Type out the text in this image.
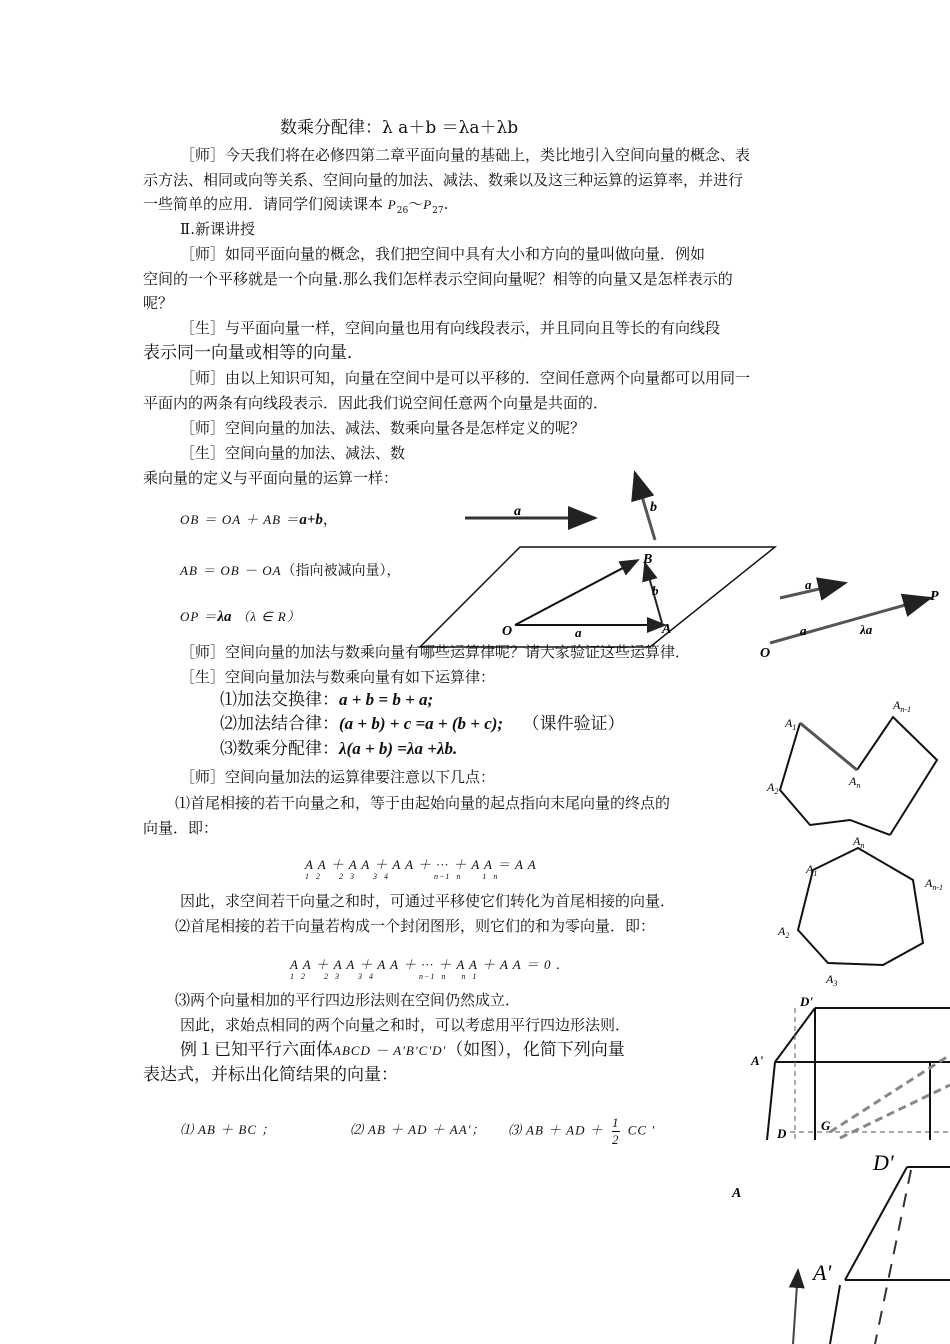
数乘分配律：λ a＋b ＝λa＋λb
［师］今天我们将在必修四第二章平面向量的基础上，类比地引入空间向量的概念、表
示方法、相同或向等关系、空间向量的加法、减法、数乘以及这三种运算的运算率，并进行
一些简单的应用．请同学们阅读课本 $P_{26}\sim P_{27}$.
Ⅱ.新课讲授
［师］如同平面向量的概念，我们把空间中具有大小和方向的量叫做向量．例如
空间的一个平移就是一个向量.那么我们怎样表示空间向量呢？相等的向量又是怎样表示的
呢？
［生］与平面向量一样，空间向量也用有向线段表示，并且同向且等长的有向线段
表示同一向量或相等的向量．
［师］由以上知识可知，向量在空间中是可以平移的．空间任意两个向量都可以用同一
平面内的两条有向线段表示．因此我们说空间任意两个向量是共面的．
［师］空间向量的加法、减法、数乘向量各是怎样定义的呢？
［生］空间向量的加法、减法、数
乘向量的定义与平面向量的运算一样：
OB ＝ OA ＋ AB ＝a+b，
AB ＝ OB － OA（指向被减向量），
OP ＝λa （λ ∈ R）
a	b
O	A
B
b
a
a
P
O
a	λa
［师］空间向量的加法与数乘向量有哪些运算律呢？请大家验证这些运算律．
［生］空间向量加法与数乘向量有如下运算律：
⑴加法交换律：a + b = b + a;
⑵加法结合律：(a + b) + c =a + (b + c); （课件验证）
⑶数乘分配律：λ(a + b) =λa +λb.
［师］空间向量加法的运算律要注意以下几点：
⑴首尾相接的若干向量之和，等于由起始向量的起点指向末尾向量的终点的
向量．即：
A A ＋ A A ＋ A A ＋ ··· ＋ A A ＝ A A
1  2      2  3      3  4               n−1  n       1  n
因此，求空间若干向量之和时，可通过平移使它们转化为首尾相接的向量．
⑵首尾相接的若干向量若构成一个封闭图形，则它们的和为零向量．即：
A A ＋ A A ＋ A A ＋ ··· ＋ A A ＋ A A ＝ 0 ．
1  2      2  3      3  4               n−1  n     n  1
⑶两个向量相加的平行四边形法则在空间仍然成立．
因此，求始点相同的两个向量之和时，可以考虑用平行四边形法则．
例１已知平行六面体ABCD － A'B'C'D'（如图），化简下列向量
表达式，并标出化简结果的向量：
⑴ AB ＋ BC ；	⑵ AB ＋ AD ＋ AA'； ⑶ AB ＋ AD ＋ $\frac{1}{2}$ CC '
$A_1$
$A_2$
$A_n$
$A_{n-1}$
$A_1$
$A_n$
$A_2$
$A_3$
$A_{n-1}$
D'
A'
D
G
D'
A'
A
